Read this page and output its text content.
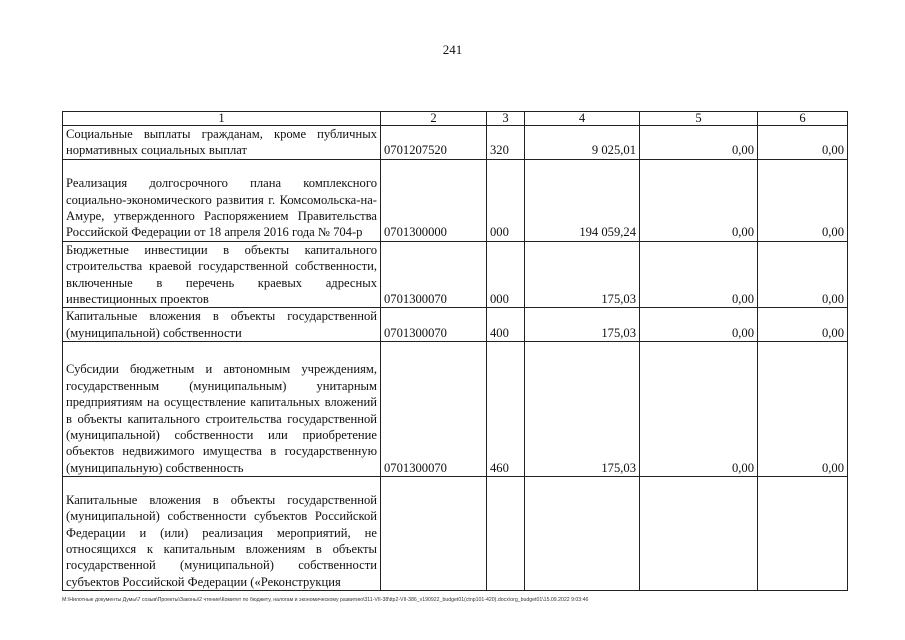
241
1	2	3	4	5	6
Социальные выплаты гражданам, кроме публичных нормативных социальных выплат	0701207520	320	9 025,01	0,00	0,00
Реализация долгосрочного плана комплексного социально-экономического развития г. Комсомольска-на-Амуре, утвержденного Распоряжением Правительства Российской Федерации от 18 апреля 2016 года № 704-р	0701300000	000	194 059,24	0,00	0,00
Бюджетные инвестиции в объекты капитального строительства краевой государственной собственности, включенные в перечень краевых адресных инвестиционных проектов	0701300070	000	175,03	0,00	0,00
Капитальные вложения в объекты государственной (муниципальной) собственности	0701300070	400	175,03	0,00	0,00
Субсидии бюджетным и автономным учреждениям, государственным (муниципальным) унитарным предприятиям на осуществление капитальных вложений в объекты капитального строительства государственной (муниципальной) собственности или приобретение объектов недвижимого имущества в государственную (муниципальную) собственность	0701300070	460	175,03	0,00	0,00
Капитальные вложения в объекты государственной (муниципальной) собственности субъектов Российской Федерации и (или) реализация мероприятий, не относящихся к капитальным вложениям в объекты государственной (муниципальной) собственности субъектов Российской Федерации («Реконструкция					
M:\Нилотные документы Думы\7 созыв\Проекты\Законы\2 чтение\Комитет по бюджету, налогам и экономическому развитию\311-VII-38\ttp2-VII-386_v190922_budget01(ctnp101-420).docx\org_budget01\15.09.2022 9:03:46
